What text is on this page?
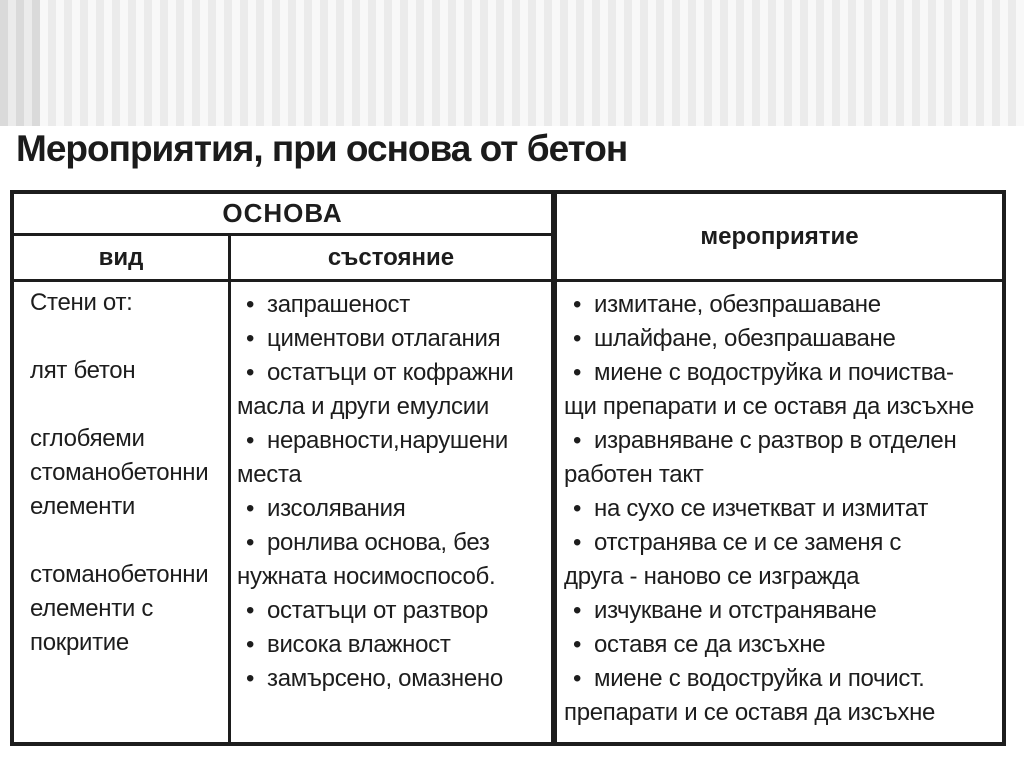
Мероприятия, при основа от бетон
ОСНОВА
мероприятие
вид	състояние
Стени от:
лят бетон
сглобяеми
стоманобетонни
елементи
стоманобетонни
елементи с
покритие
• запрашеност
• циментови отлагания
• остатъци от кофражни
масла и други емулсии
• неравности,нарушени
места
• изсолявания
• ронлива основа, без
нужната носимоспособ.
• остатъци от разтвор
• висока влажност
• замърсено, омазнено
• измитане, обезпрашаване
• шлайфане, обезпрашаване
• миене с водоструйка и почиства-
щи препарати и се оставя да изсъхне
• изравняване с разтвор в отделен
работен такт
• на сухо се изчеткват и измитат
• отстранява се и се заменя с
друга - наново се изгражда
• изчукване и отстраняване
• оставя се да изсъхне
• миене с водоструйка и почист.
препарати и се оставя да изсъхне
